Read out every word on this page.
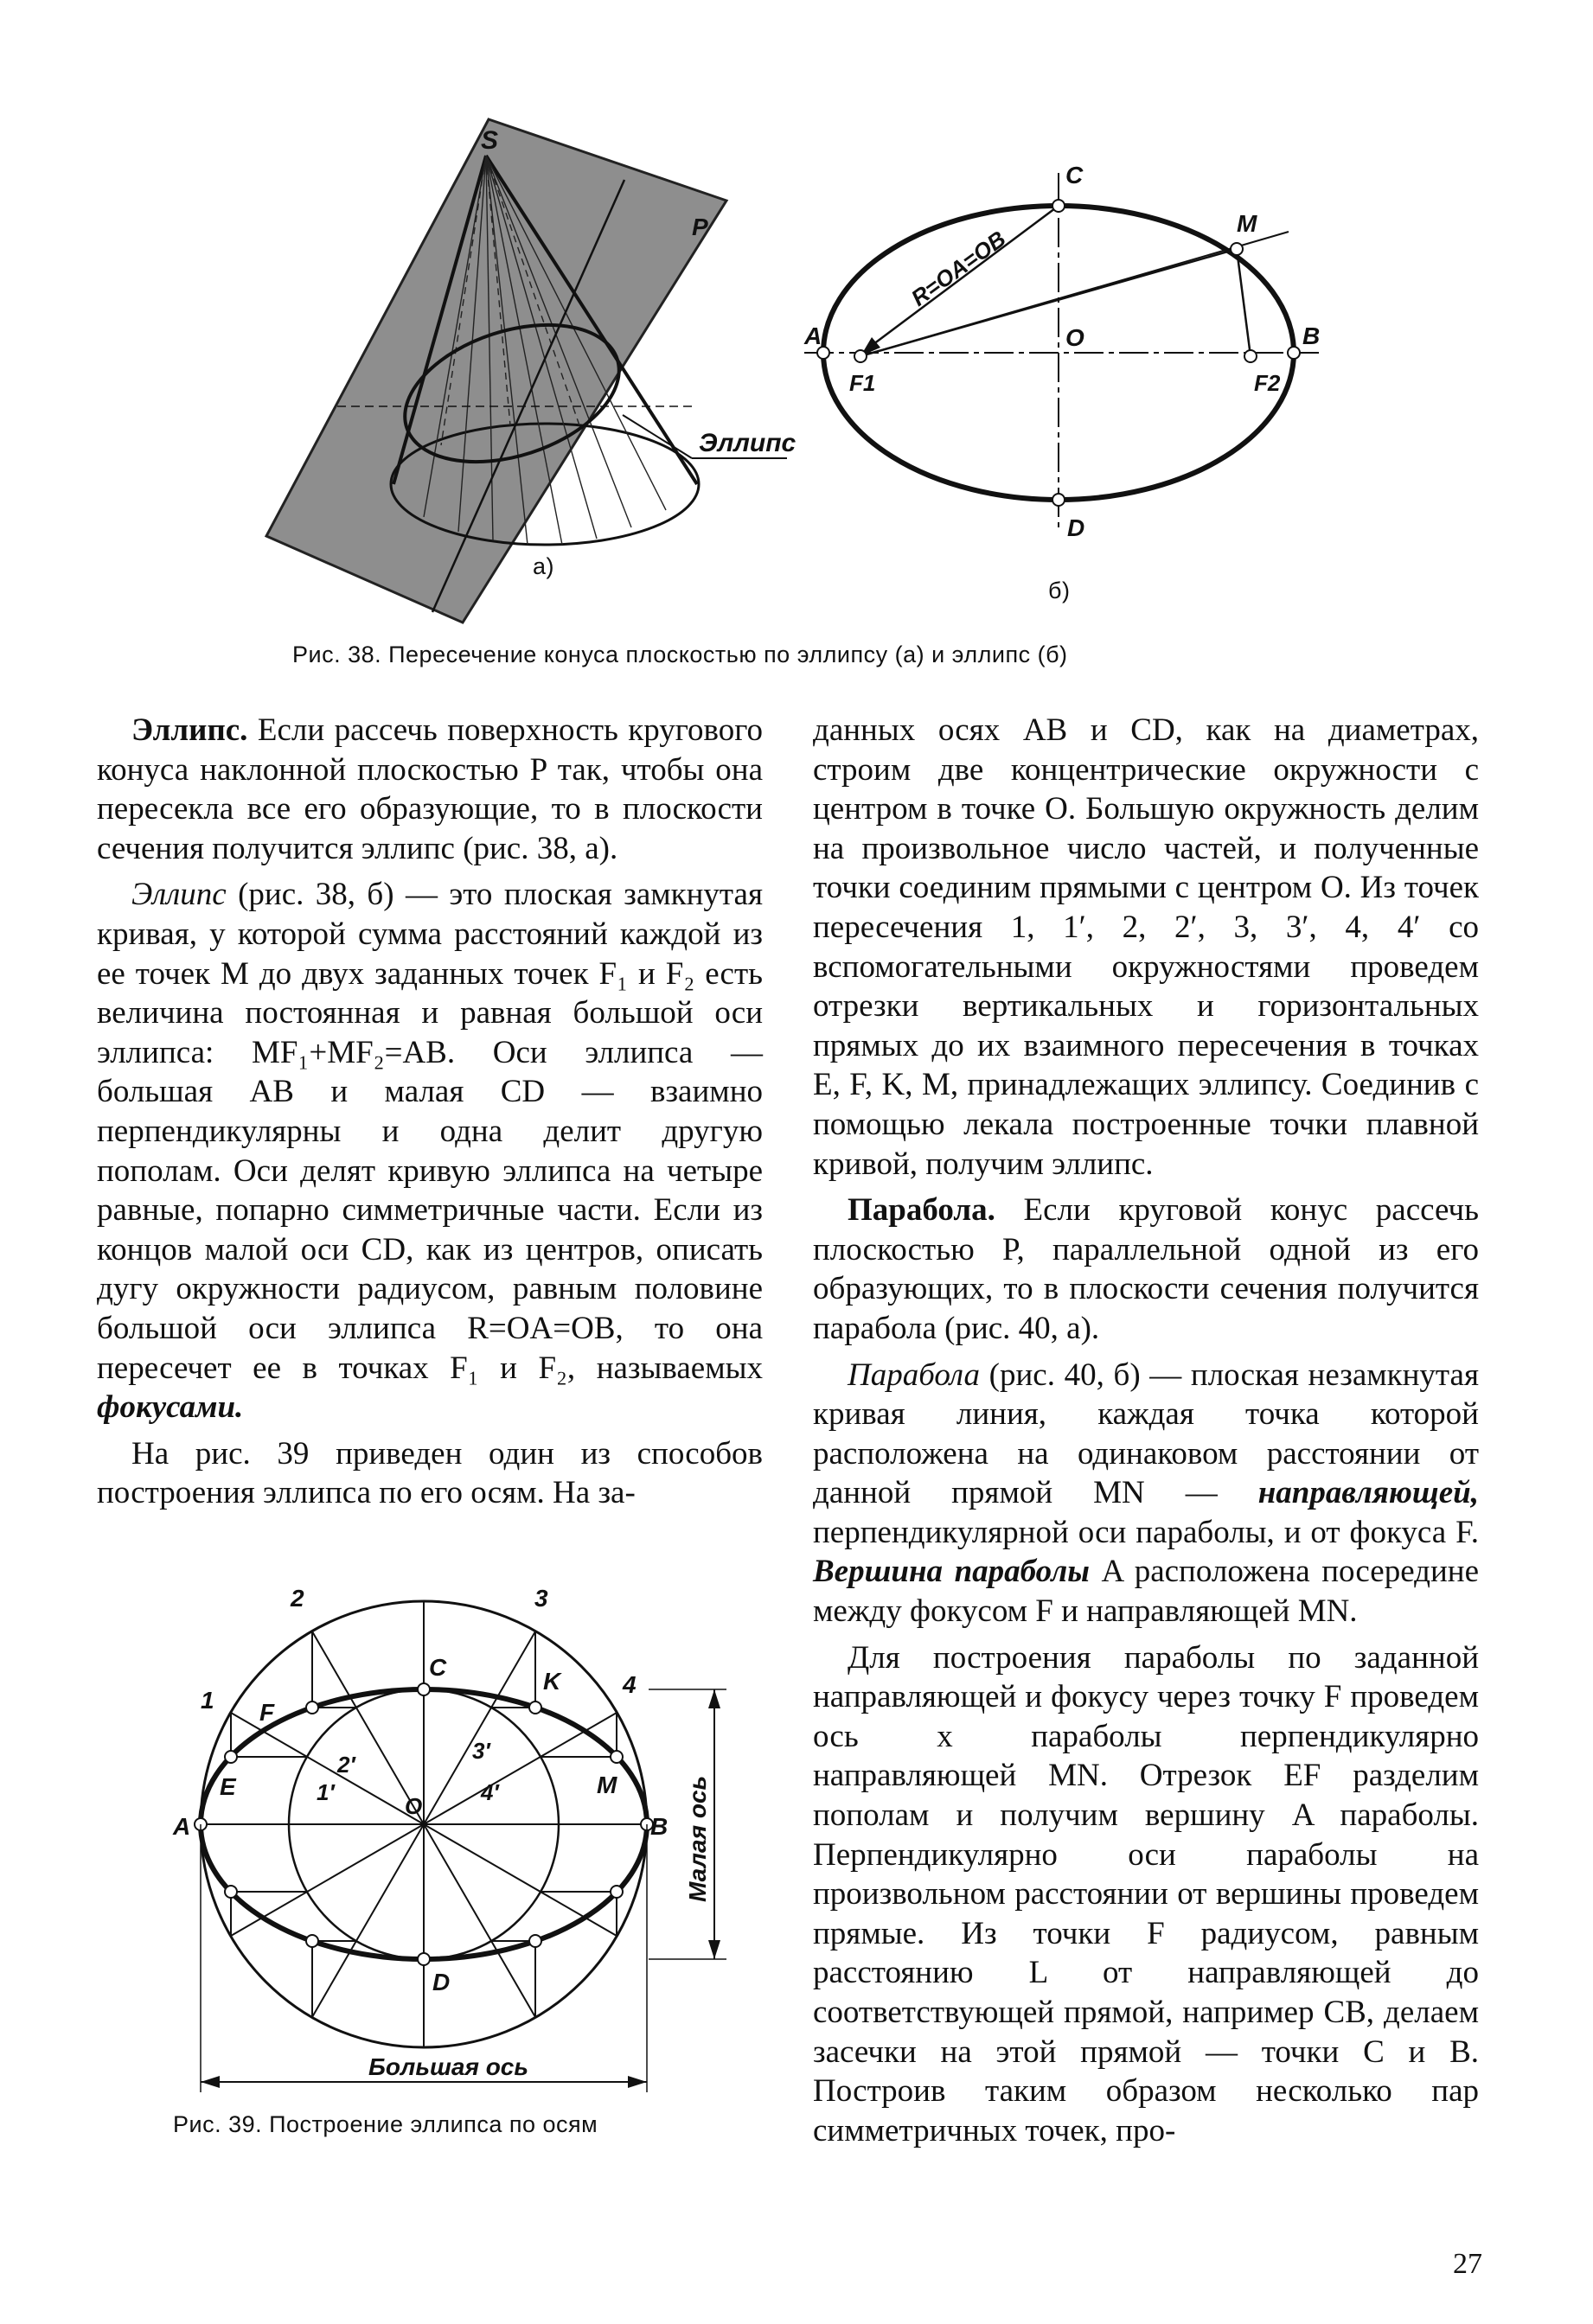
S
P
Эллипс
C
M
A	O	B
F1	F2
D
R=OA=OB
а)
б)
Рис. 38. Пересечение конуса плоскостью по эллипсу (а) и эллипс (б)

Эллипс. Если рассечь поверхность кругового конуса наклонной плоскостью P так, чтобы она пересекла все его образующие, то в плоскости сечения получится эллипс (рис. 38, а).

Эллипс (рис. 38, б) — это плоская замкнутая кривая, у которой сумма расстояний каждой из ее точек M до двух заданных точек F₁ и F₂ есть величина постоянная и равная большой оси эллипса: MF₁+MF₂=AB. Оси эллипса — большая AB и малая CD — взаимно перпендикулярны и одна делит другую пополам. Оси делят кривую эллипса на четыре равные, попарно симметричные части. Если из концов малой оси CD, как из центров, описать дугу окружности радиусом, равным половине большой оси эллипса R=OA=OB, то она пересечет ее в точках F₁ и F₂, называемых фокусами.

На рис. 39 приведен один из способов построения эллипса по его осям. На за-

2	3
1
4
F
C
K
2′
3′
E	1′	4′
O
M
A	B
D
Малая ось
Большая ось
Рис. 39. Построение эллипса по осям

данных осях AB и CD, как на диаметрах, строим две концентрические окружности с центром в точке O. Большую окружность делим на произвольное число частей, и полученные точки соединим прямыми с центром O. Из точек пересечения 1, 1′, 2, 2′, 3, 3′, 4, 4′ со вспомогательными окружностями проведем отрезки вертикальных и горизонтальных прямых до их взаимного пересечения в точках E, F, K, M, принадлежащих эллипсу. Соединив с помощью лекала построенные точки плавной кривой, получим эллипс.

Парабола. Если круговой конус рассечь плоскостью P, параллельной одной из его образующих, то в плоскости сечения получится парабола (рис. 40, а).

Парабола (рис. 40, б) — плоская незамкнутая кривая линия, каждая точка которой расположена на одинаковом расстоянии от данной прямой MN — направляющей, перпендикулярной оси параболы, и от фокуса F. Вершина параболы A расположена посередине между фокусом F и направляющей MN.

Для построения параболы по заданной направляющей и фокусу через точку F проведем ось x параболы перпендикулярно направляющей MN. Отрезок EF разделим пополам и получим вершину A параболы. Перпендикулярно оси параболы на произвольном расстоянии от вершины проведем прямые. Из точки F радиусом, равным расстоянию L от направляющей до соответствующей прямой, например CB, делаем засечки на этой прямой — точки C и B. Построив таким образом несколько пар симметричных точек, про-

27
